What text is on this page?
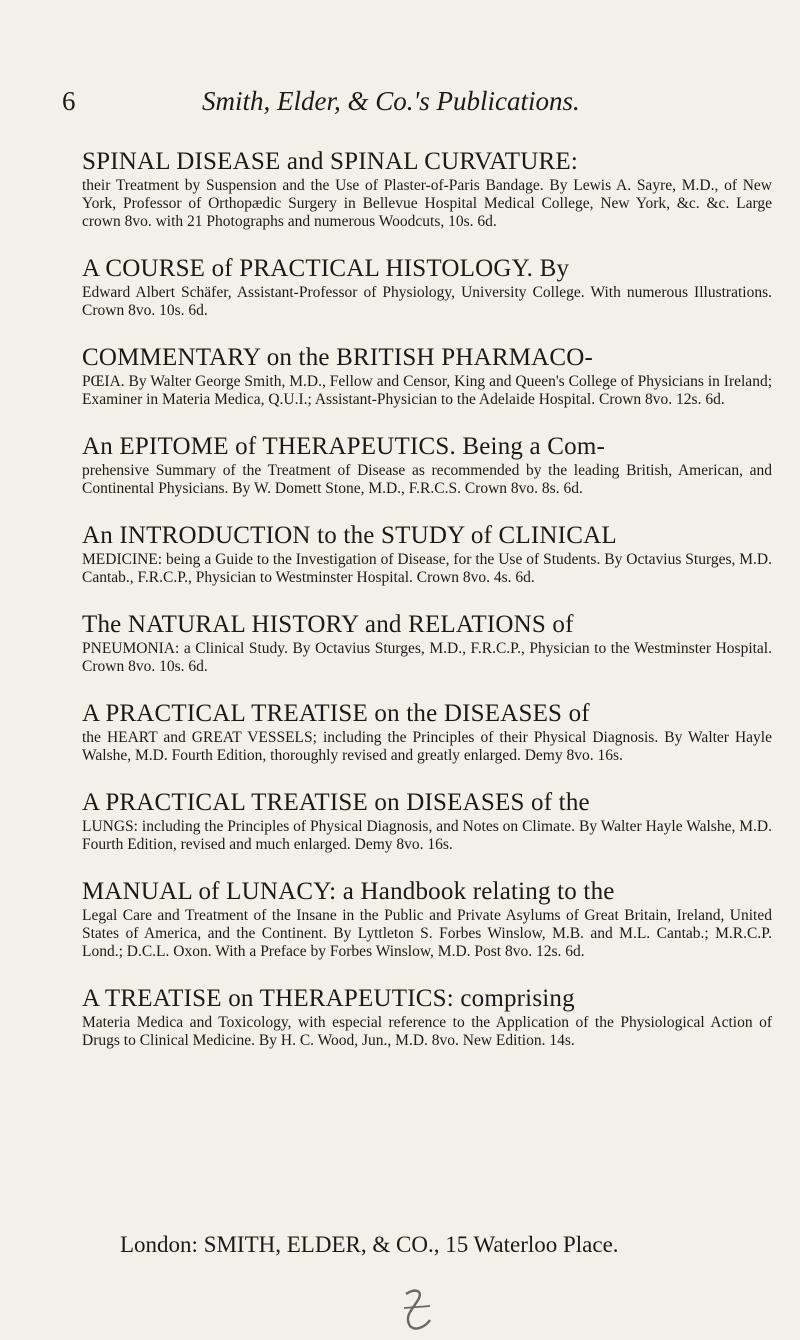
6	Smith, Elder, & Co.'s Publications.
SPINAL DISEASE and SPINAL CURVATURE:
their Treatment by Suspension and the Use of Plaster-of-Paris Bandage. By Lewis A. Sayre, M.D., of New York, Professor of Orthopædic Surgery in Bellevue Hospital Medical College, New York, &c. &c. Large crown 8vo. with 21 Photographs and numerous Woodcuts, 10s. 6d.
A COURSE of PRACTICAL HISTOLOGY. By
Edward Albert Schäfer, Assistant-Professor of Physiology, University College. With numerous Illustrations. Crown 8vo. 10s. 6d.
COMMENTARY on the BRITISH PHARMACO-
PŒIA. By Walter George Smith, M.D., Fellow and Censor, King and Queen's College of Physicians in Ireland; Examiner in Materia Medica, Q.U.I.; Assistant-Physician to the Adelaide Hospital. Crown 8vo. 12s. 6d.
An EPITOME of THERAPEUTICS. Being a Com-
prehensive Summary of the Treatment of Disease as recommended by the leading British, American, and Continental Physicians. By W. Domett Stone, M.D., F.R.C.S. Crown 8vo. 8s. 6d.
An INTRODUCTION to the STUDY of CLINICAL
MEDICINE: being a Guide to the Investigation of Disease, for the Use of Students. By Octavius Sturges, M.D. Cantab., F.R.C.P., Physician to Westminster Hospital. Crown 8vo. 4s. 6d.
The NATURAL HISTORY and RELATIONS of
PNEUMONIA: a Clinical Study. By Octavius Sturges, M.D., F.R.C.P., Physician to the Westminster Hospital. Crown 8vo. 10s. 6d.
A PRACTICAL TREATISE on the DISEASES of
the HEART and GREAT VESSELS; including the Principles of their Physical Diagnosis. By Walter Hayle Walshe, M.D. Fourth Edition, thoroughly revised and greatly enlarged. Demy 8vo. 16s.
A PRACTICAL TREATISE on DISEASES of the
LUNGS: including the Principles of Physical Diagnosis, and Notes on Climate. By Walter Hayle Walshe, M.D. Fourth Edition, revised and much enlarged. Demy 8vo. 16s.
MANUAL of LUNACY: a Handbook relating to the
Legal Care and Treatment of the Insane in the Public and Private Asylums of Great Britain, Ireland, United States of America, and the Continent. By Lyttleton S. Forbes Winslow, M.B. and M.L. Cantab.; M.R.C.P. Lond.; D.C.L. Oxon. With a Preface by Forbes Winslow, M.D. Post 8vo. 12s. 6d.
A TREATISE on THERAPEUTICS: comprising
Materia Medica and Toxicology, with especial reference to the Application of the Physiological Action of Drugs to Clinical Medicine. By H. C. Wood, Jun., M.D. 8vo. New Edition. 14s.
London: SMITH, ELDER, & CO., 15 Waterloo Place.
